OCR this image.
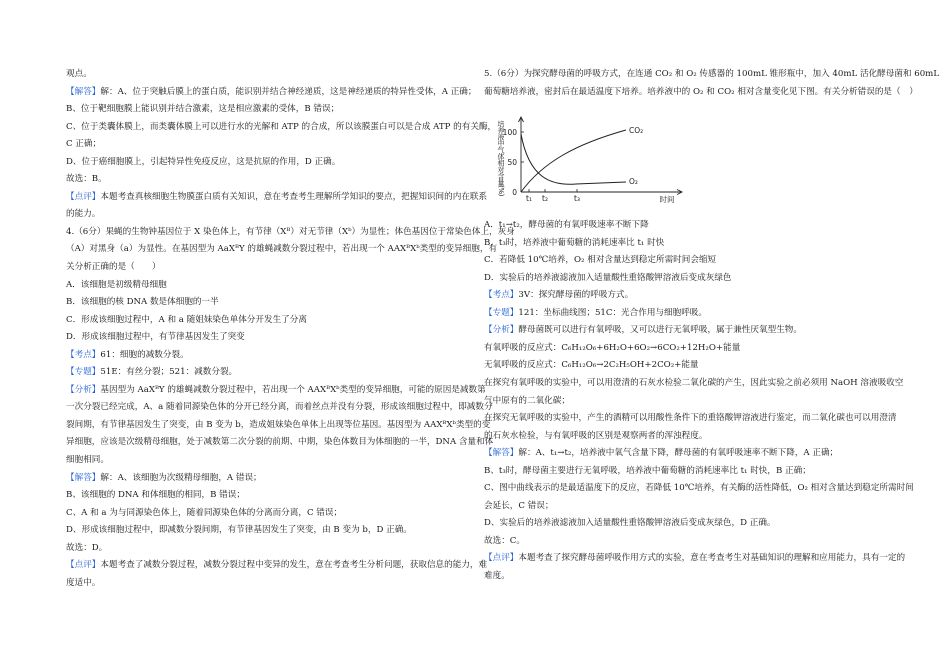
观点。
【解答】解：A、位于突触后膜上的蛋白质，能识别并结合神经递质，这是神经递质的特异性受体，A 正确；
B、位于靶细胞膜上能识别并结合激素，这是相应激素的受体，B 错误；
C、位于类囊体膜上，而类囊体膜上可以进行水的光解和 ATP 的合成，所以该膜蛋白可以是合成 ATP 的有关酶，
C 正确；
D、位于癌细胞膜上，引起特异性免疫反应，这是抗原的作用，D 正确。
故选：B。
【点评】本题考查真核细胞生物膜蛋白质有关知识，意在考查考生理解所学知识的要点，把握知识间的内在联系
的能力。
4.（6分）果蝇的生物钟基因位于 X 染色体上，有节律（Xᴮ）对无节律（Xᵇ）为显性；体色基因位于常染色体上，灰身
（A）对黑身（a）为显性。在基因型为 AaXᴮY 的雄蝇减数分裂过程中，若出现一个 AAXᴮXᵇ类型的变异细胞，有
关分析正确的是（　　）
A．该细胞是初级精母细胞
B．该细胞的核 DNA 数是体细胞的一半
C．形成该细胞过程中，A 和 a 随姐妹染色单体分开发生了分离
D．形成该细胞过程中，有节律基因发生了突变
【考点】61：细胞的减数分裂。
【专题】51E：有丝分裂；521：减数分裂。
【分析】基因型为 AaXᴮY 的雄蝇减数分裂过程中，若出现一个 AAXᴮXᵇ类型的变异细胞，可能的原因是减数第
一次分裂已经完成，A、a 随着同源染色体的分开已经分离，而着丝点并没有分裂，形成该细胞过程中，即减数分
裂间期，有节律基因发生了突变，由 B 变为 b，造成姐妹染色单体上出现等位基因。基因型为 AAXᴮXᵇ类型的变
异细胞，应该是次级精母细胞，处于减数第二次分裂的前期、中期，染色体数目为体细胞的一半，DNA 含量和体
细胞相同。
【解答】解：A、该细胞为次级精母细胞，A 错误；
B、该细胞的 DNA 和体细胞的相同，B 错误；
C、A 和 a 为与同源染色体上，随着同源染色体的分离而分离，C 错误；
D、形成该细胞过程中，即减数分裂间期，有节律基因发生了突变，由 B 变为 b，D 正确。
故选：D。
【点评】本题考查了减数分裂过程，减数分裂过程中变异的发生，意在考查考生分析问题，获取信息的能力，难
度适中。
5.（6分）为探究酵母菌的呼吸方式，在连通 CO₂ 和 O₂ 传感器的 100mL 锥形瓶中，加入 40mL 活化酵母菌和 60mL
葡萄糖培养液，密封后在最适温度下培养。培养液中的 O₂ 和 CO₂ 相对含量变化见下图。有关分析错误的是（　）
0
50
100
培养液中气体相对含量(%)
t₁ t₂	t₃	时间
CO₂
O₂
A．t₁→t₂，酵母菌的有氧呼吸速率不断下降
B．t₃时，培养液中葡萄糖的消耗速率比 t₁ 时快
C．若降低 10℃培养，O₂ 相对含量达到稳定所需时间会缩短
D．实验后的培养液滤液加入适量酸性重铬酸钾溶液后变成灰绿色
【考点】3V：探究酵母菌的呼吸方式。
【专题】121：坐标曲线图；51C：光合作用与细胞呼吸。
【分析】酵母菌既可以进行有氧呼吸，又可以进行无氧呼吸，属于兼性厌氧型生物。
有氧呼吸的反应式：C₆H₁₂O₆+6H₂O+6O₂→6CO₂+12H₂O+能量
无氧呼吸的反应式：C₆H₁₂O₆→2C₂H₅OH+2CO₂+能量
在探究有氧呼吸的实验中，可以用澄清的石灰水检验二氧化碳的产生，因此实验之前必须用 NaOH 溶液吸收空
气中原有的二氧化碳；
在探究无氧呼吸的实验中，产生的酒精可以用酸性条件下的重铬酸钾溶液进行鉴定，而二氧化碳也可以用澄清
的石灰水检验，与有氧呼吸的区别是观察两者的浑浊程度。
【解答】解：A、t₁→t₂，培养液中氧气含量下降，酵母菌的有氧呼吸速率不断下降，A 正确；
B、t₃时，酵母菌主要进行无氧呼吸，培养液中葡萄糖的消耗速率比 t₁ 时快，B 正确；
C、图中曲线表示的是最适温度下的反应，若降低 10℃培养，有关酶的活性降低，O₂ 相对含量达到稳定所需时间
会延长，C 错误；
D、实验后的培养液滤液加入适量酸性重铬酸钾溶液后变成灰绿色，D 正确。
故选：C。
【点评】本题考查了探究酵母菌呼吸作用方式的实验，意在考查考生对基础知识的理解和应用能力，具有一定的
难度。
